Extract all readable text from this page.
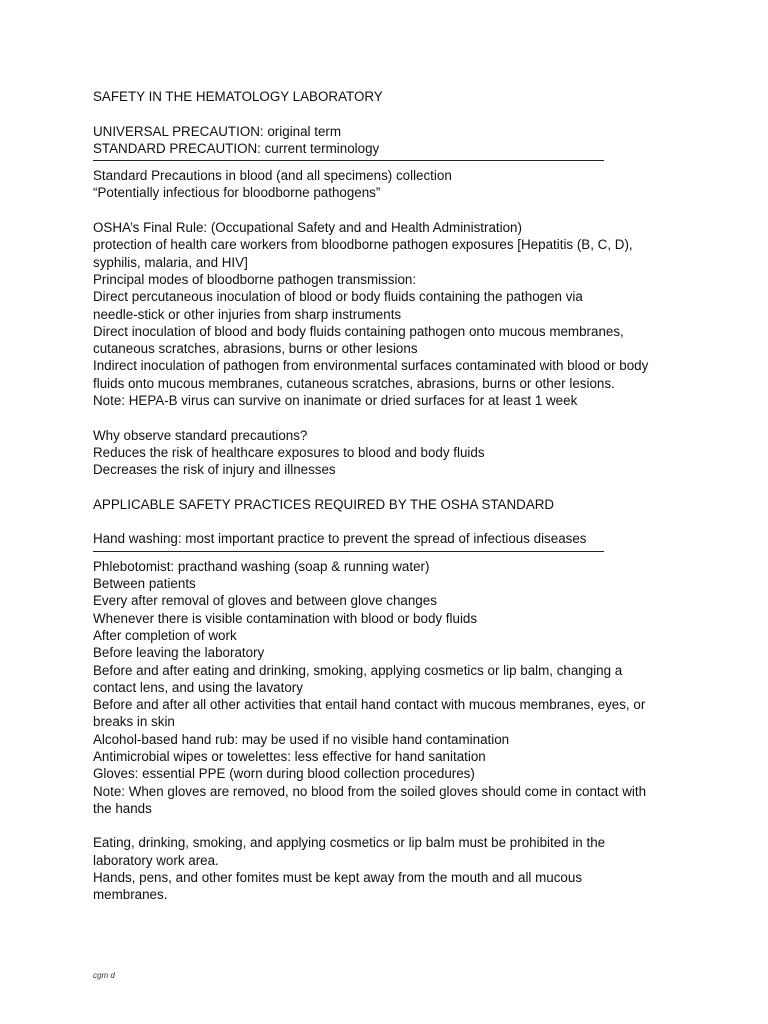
SAFETY IN THE HEMATOLOGY LABORATORY

UNIVERSAL PRECAUTION: original term

STANDARD PRECAUTION: current terminology

Standard Precautions in blood (and all specimens) collection

“Potentially infectious for bloodborne pathogens”

OSHA’s Final Rule: (Occupational Safety and and Health Administration)

protection of health care workers from bloodborne pathogen exposures [Hepatitis (B, C, D),

syphilis, malaria, and HIV]

Principal modes of bloodborne pathogen transmission:

Direct percutaneous inoculation of blood or body fluids containing the pathogen via

needle-stick or other injuries from sharp instruments

Direct inoculation of blood and body fluids containing pathogen onto mucous membranes,

cutaneous scratches, abrasions, burns or other lesions

Indirect inoculation of pathogen from environmental surfaces contaminated with blood or body

fluids onto mucous membranes, cutaneous scratches, abrasions, burns or other lesions.

Note: HEPA-B virus can survive on inanimate or dried surfaces for at least 1 week

Why observe standard precautions?

Reduces the risk of healthcare exposures to blood and body fluids

Decreases the risk of injury and illnesses

APPLICABLE SAFETY PRACTICES REQUIRED BY THE OSHA STANDARD

Hand washing: most important practice to prevent the spread of infectious diseases

Phlebotomist: practhand washing (soap & running water)

Between patients

Every after removal of gloves and between glove changes

Whenever there is visible contamination with blood or body fluids

After completion of work

Before leaving the laboratory

Before and after eating and drinking, smoking, applying cosmetics or lip balm, changing a

contact lens, and using the lavatory

Before and after all other activities that entail hand contact with mucous membranes, eyes, or

breaks in skin

Alcohol-based hand rub: may be used if no visible hand contamination

Antimicrobial wipes or towelettes: less effective for hand sanitation

Gloves: essential PPE (worn during blood collection procedures)

Note: When gloves are removed, no blood from the soiled gloves should come in contact with

the hands

Eating, drinking, smoking, and applying cosmetics or lip balm must be prohibited in the

laboratory work area.

Hands, pens, and other fomites must be kept away from the mouth and all mucous

membranes.

cgm d
